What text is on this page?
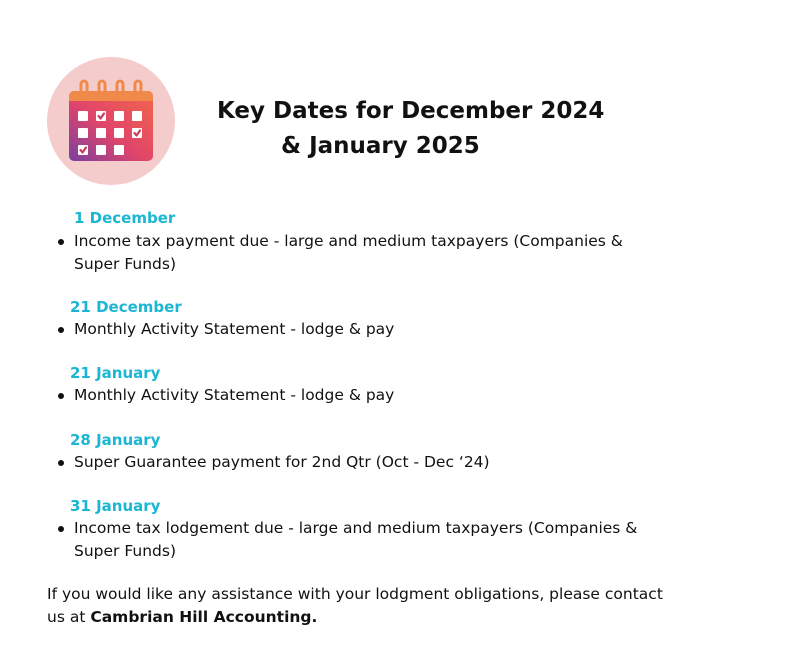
Key Dates for December 2024
& January 2025
1 December
Income tax payment due - large and medium taxpayers (Companies & Super Funds)
21 December
Monthly Activity Statement - lodge & pay
21 January
Monthly Activity Statement - lodge & pay
28 January
Super Guarantee payment for 2nd Qtr (Oct - Dec ‘24)
31 January
Income tax lodgement due - large and medium taxpayers (Companies & Super Funds)
If you would like any assistance with your lodgment obligations, please contact us at Cambrian Hill Accounting.
